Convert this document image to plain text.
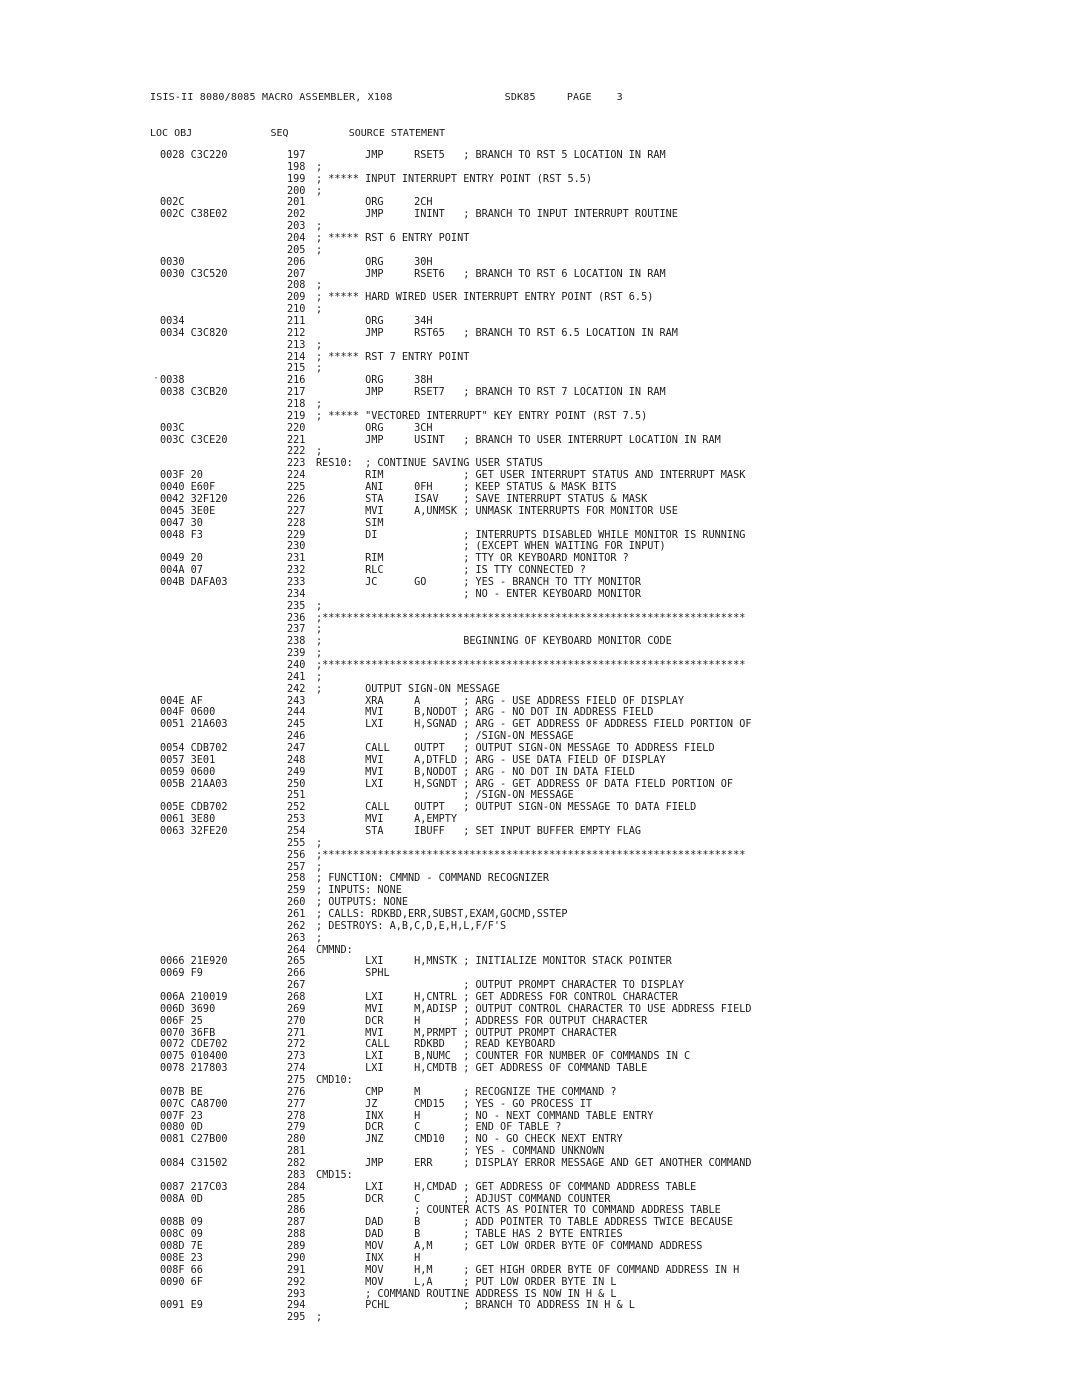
ISIS-II 8080/8085 MACRO ASSEMBLER, X108	SDK85	PAGE 3
LOC OBJ	SEQ	SOURCE STATEMENT
·
0028 C3C220	197 JMP     RSET5   ; BRANCH TO RST 5 LOCATION IN RAM
198 ;
199 ; ***** INPUT INTERRUPT ENTRY POINT (RST 5.5)
200 ;
002C	201 ORG     2CH
002C C38E02	202 JMP     ININT   ; BRANCH TO INPUT INTERRUPT ROUTINE
203 ;
204 ; ***** RST 6 ENTRY POINT
205 ;
0030	206 ORG     30H
0030 C3C520	207 JMP     RSET6   ; BRANCH TO RST 6 LOCATION IN RAM
208 ;
209 ; ***** HARD WIRED USER INTERRUPT ENTRY POINT (RST 6.5)
210 ;
0034	211 ORG     34H
0034 C3C820	212 JMP     RST65   ; BRANCH TO RST 6.5 LOCATION IN RAM
213 ;
214 ; ***** RST 7 ENTRY POINT
215 ;
0038	216 ORG     38H
0038 C3CB20	217 JMP     RSET7   ; BRANCH TO RST 7 LOCATION IN RAM
218 ;
219 ; ***** "VECTORED INTERRUPT" KEY ENTRY POINT (RST 7.5)
003C	220 ORG     3CH
003C C3CE20	221 JMP     USINT   ; BRANCH TO USER INTERRUPT LOCATION IN RAM
222 ;
223 RES10:  ; CONTINUE SAVING USER STATUS
003F 20	224 RIM             ; GET USER INTERRUPT STATUS AND INTERRUPT MASK
0040 E60F	225 ANI     0FH     ; KEEP STATUS & MASK BITS
0042 32F120	226 STA     ISAV    ; SAVE INTERRUPT STATUS & MASK
0045 3E0E	227 MVI     A,UNMSK ; UNMASK INTERRUPTS FOR MONITOR USE
0047 30	228 SIM
0048 F3	229 DI              ; INTERRUPTS DISABLED WHILE MONITOR IS RUNNING
230 ; (EXCEPT WHEN WAITING FOR INPUT)
0049 20	231 RIM             ; TTY OR KEYBOARD MONITOR ?
004A 07	232 RLC             ; IS TTY CONNECTED ?
004B DAFA03	233 JC      GO      ; YES - BRANCH TO TTY MONITOR
234 ; NO - ENTER KEYBOARD MONITOR
235 ;
236 ;*********************************************************************
237 ;
238 ;                       BEGINNING OF KEYBOARD MONITOR CODE
239 ;
240 ;*********************************************************************
241 ;
242 ;       OUTPUT SIGN-ON MESSAGE
004E AF	243 XRA     A       ; ARG - USE ADDRESS FIELD OF DISPLAY
004F 0600	244 MVI     B,NODOT ; ARG - NO DOT IN ADDRESS FIELD
0051 21A603	245 LXI     H,SGNAD ; ARG - GET ADDRESS OF ADDRESS FIELD PORTION OF
246 ; /SIGN-ON MESSAGE
0054 CDB702	247 CALL    OUTPT   ; OUTPUT SIGN-ON MESSAGE TO ADDRESS FIELD
0057 3E01	248 MVI     A,DTFLD ; ARG - USE DATA FIELD OF DISPLAY
0059 0600	249 MVI     B,NODOT ; ARG - NO DOT IN DATA FIELD
005B 21AA03	250 LXI     H,SGNDT ; ARG - GET ADDRESS OF DATA FIELD PORTION OF
251 ; /SIGN-ON MESSAGE
005E CDB702	252 CALL    OUTPT   ; OUTPUT SIGN-ON MESSAGE TO DATA FIELD
0061 3E80	253 MVI     A,EMPTY
0063 32FE20	254 STA     IBUFF   ; SET INPUT BUFFER EMPTY FLAG
255 ;
256 ;*********************************************************************
257 ;
258 ; FUNCTION: CMMND - COMMAND RECOGNIZER
259 ; INPUTS: NONE
260 ; OUTPUTS: NONE
261 ; CALLS: RDKBD,ERR,SUBST,EXAM,GOCMD,SSTEP
262 ; DESTROYS: A,B,C,D,E,H,L,F/F'S
263 ;
264 CMMND:
0066 21E920	265 LXI     H,MNSTK ; INITIALIZE MONITOR STACK POINTER
0069 F9	266 SPHL
267 ; OUTPUT PROMPT CHARACTER TO DISPLAY
006A 210019	268 LXI     H,CNTRL ; GET ADDRESS FOR CONTROL CHARACTER
006D 3690	269 MVI     M,ADISP ; OUTPUT CONTROL CHARACTER TO USE ADDRESS FIELD
006F 25	270 DCR     H       ; ADDRESS FOR OUTPUT CHARACTER
0070 36FB	271 MVI     M,PRMPT ; OUTPUT PROMPT CHARACTER
0072 CDE702	272 CALL    RDKBD   ; READ KEYBOARD
0075 010400	273 LXI     B,NUMC  ; COUNTER FOR NUMBER OF COMMANDS IN C
0078 217803	274 LXI     H,CMDTB ; GET ADDRESS OF COMMAND TABLE
275 CMD10:
007B BE	276 CMP     M       ; RECOGNIZE THE COMMAND ?
007C CA8700	277 JZ      CMD15   ; YES - GO PROCESS IT
007F 23	278 INX     H       ; NO - NEXT COMMAND TABLE ENTRY
0080 0D	279 DCR     C       ; END OF TABLE ?
0081 C27B00	280 JNZ     CMD10   ; NO - GO CHECK NEXT ENTRY
281 ; YES - COMMAND UNKNOWN
0084 C31502	282 JMP     ERR     ; DISPLAY ERROR MESSAGE AND GET ANOTHER COMMAND
283 CMD15:
0087 217C03	284 LXI     H,CMDAD ; GET ADDRESS OF COMMAND ADDRESS TABLE
008A 0D	285 DCR     C       ; ADJUST COMMAND COUNTER
286 ; COUNTER ACTS AS POINTER TO COMMAND ADDRESS TABLE
008B 09	287 DAD     B       ; ADD POINTER TO TABLE ADDRESS TWICE BECAUSE
008C 09	288 DAD     B       ; TABLE HAS 2 BYTE ENTRIES
008D 7E	289 MOV     A,M     ; GET LOW ORDER BYTE OF COMMAND ADDRESS
008E 23	290 INX     H
008F 66	291 MOV     H,M     ; GET HIGH ORDER BYTE OF COMMAND ADDRESS IN H
0090 6F	292 MOV     L,A     ; PUT LOW ORDER BYTE IN L
293 ; COMMAND ROUTINE ADDRESS IS NOW IN H & L
0091 E9	294 PCHL            ; BRANCH TO ADDRESS IN H & L
295 ;
